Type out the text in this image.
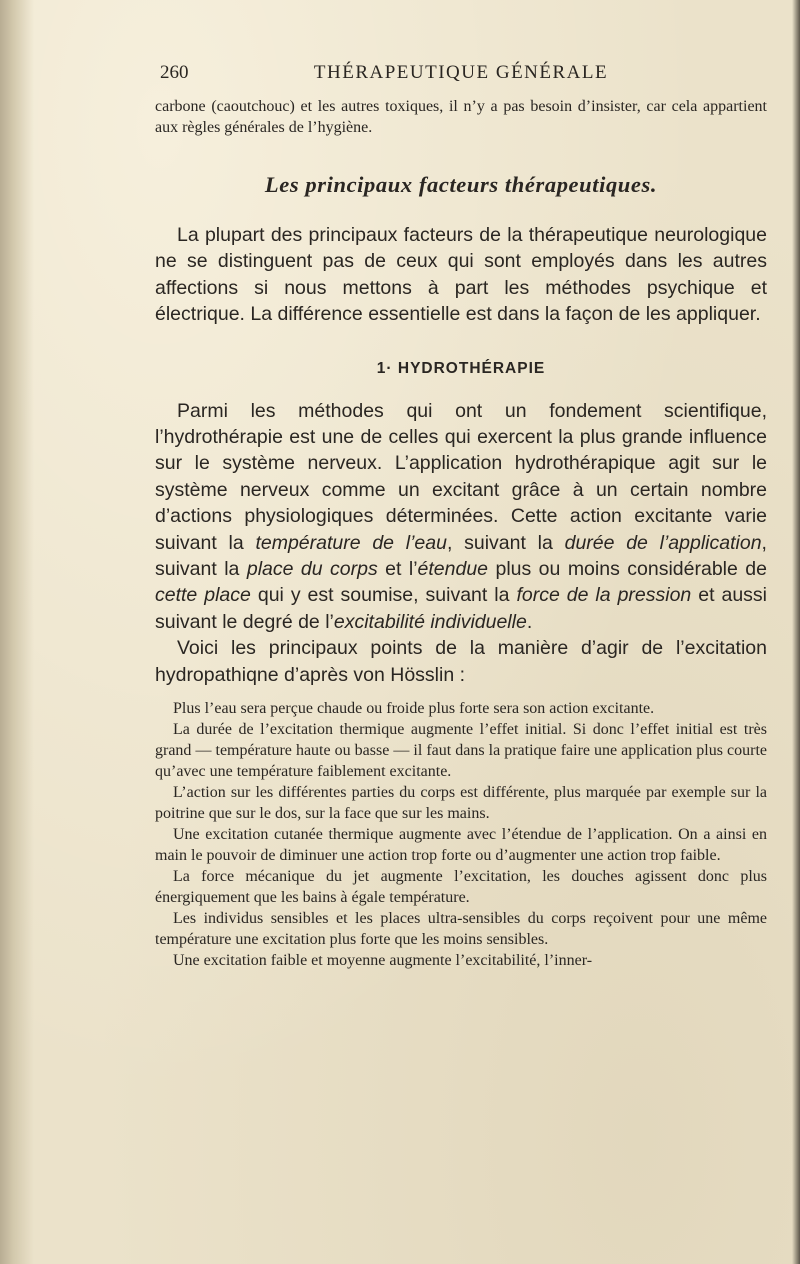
260	THÉRAPEUTIQUE GÉNÉRALE

carbone (caoutchouc) et les autres toxiques, il n’y a pas besoin d’insister, car cela appartient aux règles générales de l’hygiène.

Les principaux facteurs thérapeutiques.

La plupart des principaux facteurs de la thérapeutique neurologique ne se distinguent pas de ceux qui sont employés dans les autres affections si nous mettons à part les méthodes psychique et électrique. La différence essentielle est dans la façon de les appliquer.

1· HYDROTHÉRAPIE

Parmi les méthodes qui ont un fondement scientifique, l’hydrothérapie est une de celles qui exercent la plus grande influence sur le système nerveux. L’application hydrothérapique agit sur le système nerveux comme un excitant grâce à un certain nombre d’actions physiologiques déterminées. Cette action excitante varie suivant la température de l’eau, suivant la durée de l’application, suivant la place du corps et l’étendue plus ou moins considérable de cette place qui y est soumise, suivant la force de la pression et aussi suivant le degré de l’excitabilité individuelle.

Voici les principaux points de la manière d’agir de l’excitation hydropathiqne d’après von Hösslin :

Plus l’eau sera perçue chaude ou froide plus forte sera son action excitante.

La durée de l’excitation thermique augmente l’effet initial. Si donc l’effet initial est très grand — température haute ou basse — il faut dans la pratique faire une application plus courte qu’avec une température faiblement excitante.

L’action sur les différentes parties du corps est différente, plus marquée par exemple sur la poitrine que sur le dos, sur la face que sur les mains.

Une excitation cutanée thermique augmente avec l’étendue de l’application. On a ainsi en main le pouvoir de diminuer une action trop forte ou d’augmenter une action trop faible.

La force mécanique du jet augmente l’excitation, les douches agissent donc plus énergiquement que les bains à égale température.

Les individus sensibles et les places ultra-sensibles du corps reçoivent pour une même température une excitation plus forte que les moins sensibles.

Une excitation faible et moyenne augmente l’excitabilité, l’inner-
